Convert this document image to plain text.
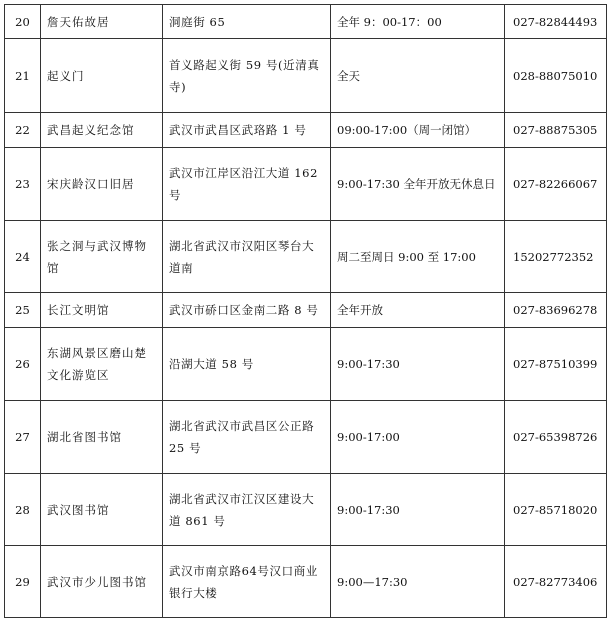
20	詹天佑故居	洞庭街 65	全年 9：00-17：00	027-82844493
21	起义门	首义路起义街 59 号(近清真寺)	全天	028-88075010
22	武昌起义纪念馆	武汉市武昌区武珞路 1 号	09:00-17:00（周一闭馆）	027-88875305
23	宋庆龄汉口旧居	武汉市江岸区沿江大道 162 号	9:00-17:30 全年开放无休息日	027-82266067
24	张之洞与武汉博物馆	湖北省武汉市汉阳区琴台大道南	周二至周日 9:00 至 17:00	15202772352
25	长江文明馆	武汉市硚口区金南二路 8 号	全年开放	027-83696278
26	东湖风景区磨山楚文化游览区	沿湖大道 58 号	9:00-17:30	027-87510399
27	湖北省图书馆	湖北省武汉市武昌区公正路 25 号	9:00-17:00	027-65398726
28	武汉图书馆	湖北省武汉市江汉区建设大道 861 号	9:00-17:30	027-85718020
29	武汉市少儿图书馆	武汉市南京路64号汉口商业银行大楼	9:00—17:30	027-82773406
